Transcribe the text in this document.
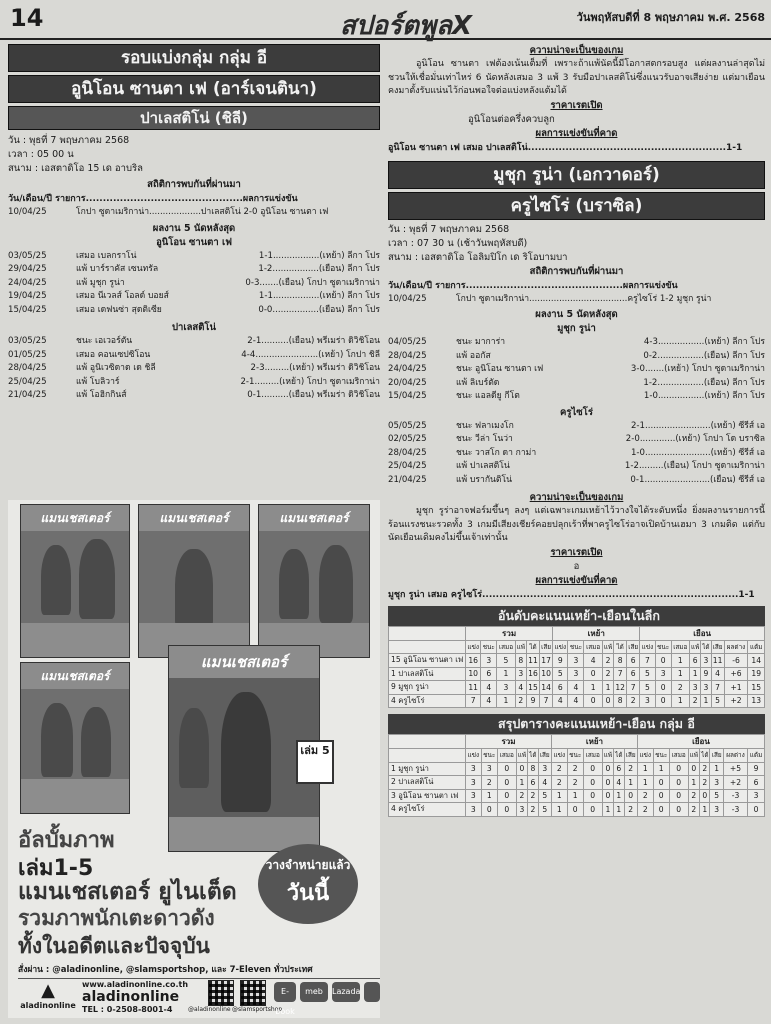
14	สปอร์ตพูลX	วันพฤหัสบดีที่ 8 พฤษภาคม พ.ศ. 2568
รอบแบ่งกลุ่ม กลุ่ม อี
อูนิโอน ซานตา เฟ (อาร์เจนตินา)
ปาเลสติโน่ (ชิลี)
วัน : พุธที่ 7 พฤษภาคม 2568
เวลา : 05 00 น
สนาม : เอสตาดิโอ 15 เด อาบริล
สถิติการพบกันที่ผ่านมา
วัน/เดือน/ปี รายการ..............................................ผลการแข่งขัน
10/04/25	โกปา ซูดาเมริกาน่า...................ปาเลสติโน่ 2-0 อูนิโอน ซานตา เฟ
ผลงาน 5 นัดหลังสุด
อูนิโอน ซานตา เฟ
03/05/25	เสมอ เบลกราโน่	1-1.................(เหย้า) ลีกา โปร
29/04/25	แพ้ บาร์ราคัส เซนทรัล	1-2.................(เยือน) ลีกา โปร
24/04/25	แพ้ มูชุก รูน่า	0-3.......(เยือน) โกปา ซูดาเมริกาน่า
19/04/25	เสมอ นีเวลส์ โอลด์ บอยส์	1-1.................(เหย้า) ลีกา โปร
15/04/25	เสมอ เดฟนซ่า สุดติเซีย	0-0.................(เยือน) ลีกา โปร
ปาเลสติโน่
03/05/25	ชนะ เอเวอร์ตัน	2-1..........(เยือน) พรีเมร่า ดิวิชิโอน
01/05/25	เสมอ คอนเซปซิโอน	4-4.......................(เหย้า) โกปา ชิลี
28/04/25	แพ้ อูนิเวซิดาด เด ชิลี	2-3.........(เหย้า) พรีเมร่า ดิวิชิโอน
25/04/25	แพ้ โบลิวาร์	2-1.........(เหย้า) โกปา ซูดาเมริกาน่า
21/04/25	แพ้ โอฮิกกินส์	0-1..........(เยือน) พรีเมร่า ดิวิชิโอน
แมนเชสเตอร์	แมนเชสเตอร์	แมนเชสเตอร์
แมนเชสเตอร์
แมนเชสเตอร์
เล่ม 5
อัลบั้มภาพ
เล่ม1-5
แมนเชสเตอร์ ยูไนเต็ด
รวมภาพนักเตะดาวดัง
ทั้งในอดีตและปัจจุบัน
วางจำหน่ายแล้ว
วันนี้
สั่งผ่าน : @aladinonline, @slamsportshop, และ 7-Eleven ทั่วประเทศ
▲
aladinonline
www.aladinonline.co.th
aladinonline
TEL : 0-2508-8001-4	@aladinonline @slamsportshop
E-book
meb	Lazada
ความน่าจะเป็นของเกม
อูนิโอน ซานตา เฟต้องเน้นเต็มที่ เพราะถ้าแพ้นัดนี้มีโอกาสตกรอบสูง แต่ผลงานล่าสุดไม่ชวนให้เชื่อมั่นเท่าไหร่ 6 นัดหลังเสมอ 3 แพ้ 3 รับมือปาเลสติโน่ซึ่งแนวรับอาจเสียง่าย แต่มาเยือนคงมาตั้งรับแน่นไว้ก่อนพอใจต่อแบ่งหลังแต้มได้
ราคาเรตเปิด
อูนิโอนต่อครึ่งควบลูก
ผลการแข่งขันที่คาด
อูนิโอน ซานตา เฟ เสมอ ปาเลสติโน่..........................................................1-1
มูชุก รูน่า (เอกวาดอร์)
ครูไซโร่ (บราซิล)
วัน : พุธที่ 7 พฤษภาคม 2568
เวลา : 07 30 น (เช้าวันพฤหัสบดี)
สนาม : เอสตาดิโอ โอลิมปิโก เด ริโอบามบา
สถิติการพบกันที่ผ่านมา
วัน/เดือน/ปี รายการ..............................................ผลการแข่งขัน
10/04/25	โกปา ซูดาเมริกาน่า....................................ครูไซโร่ 1-2 มูชุก รูน่า
ผลงาน 5 นัดหลังสุด
มูชุก รูน่า
04/05/25	ชนะ มาการ่า	4-3.................(เหย้า) ลีกา โปร
28/04/25	แพ้ ออกัส	0-2.................(เยือน) ลีกา โปร
24/04/25	ชนะ อูนิโอน ซานตา เฟ	3-0.......(เหย้า) โกปา ซูดาเมริกาน่า
20/04/25	แพ้ ลิเบร์ตัด	1-2.................(เยือน) ลีกา โปร
15/04/25	ชนะ แอลดียู กีโต	1-0.................(เหย้า) ลีกา โปร
ครูไซโร่
05/05/25	ชนะ ฟลาเมงโก	2-1........................(เหย้า) ซีรีส์ เอ
02/05/25	ชนะ วีล่า โนว่า	2-0.............(เหย้า) โกปา โด บราซิล
28/04/25	ชนะ วาสโก ดา กาม่า	1-0........................(เหย้า) ซีรีส์ เอ
25/04/25	แพ้ ปาเลสติโน่	1-2.........(เยือน) โกปา ซูดาเมริกาน่า
21/04/25	แพ้ บรากันติโน่	0-1........................(เยือน) ซีรีส์ เอ
ความน่าจะเป็นของเกม
มูชุก รูร่าอาจฟอร์มขึ้นๆ ลงๆ แต่เฉพาะเกมเหย้าไว้วางใจได้ระดับหนึ่ง ยิ่งผลงานรายการนี้ร้อนแรงชนะรวดทั้ง 3 เกมมีเสียงเชียร์คอยปลุกเร้าที่พาครูไซโร่อาจเปิดบ้านเฮมา 3 เกมติด แต่กับนัดเยือนเดิมคงไม่ขึ้นเจ้าเท่านั้น
ราคาเรตเปิด
อ
ผลการแข่งขันที่คาด
มูชุก รูน่า เสมอ ครูไซโร่...........................................................................1-1
อันดับคะแนนเหย้า-เยือนในลีก
	รวม						เหย้า						เยือน							
	แข่ง	ชนะ	เสมอ	แพ้	ได้	เสีย	แข่ง	ชนะ	เสมอ	แพ้	ได้	เสีย	แข่ง	ชนะ	เสมอ	แพ้	ได้	เสีย	ผลต่าง	แต้ม
15 อูนิโอน ซานตา เฟ	16	3	5	8	11	17	9	3	4	2	8	6	7	0	1	6	3	11	-6	14
1 ปาเลสติโน่	10	6	1	3	16	10	5	3	0	2	7	6	5	3	1	1	9	4	+6	19
9 มูชุก รูน่า	11	4	3	4	15	14	6	4	1	1	12	7	5	0	2	3	3	7	+1	15
4 ครูไซโร่	7	4	1	2	9	7	4	4	0	0	8	2	3	0	1	2	1	5	+2	13
สรุปตารางคะแนนเหย้า-เยือน กลุ่ม อี
	รวม						เหย้า						เยือน							
	แข่ง	ชนะ	เสมอ	แพ้	ได้	เสีย	แข่ง	ชนะ	เสมอ	แพ้	ได้	เสีย	แข่ง	ชนะ	เสมอ	แพ้	ได้	เสีย	ผลต่าง	แต้ม
1 มูชุก รูน่า	3	3	0	0	8	3	2	2	0	0	6	2	1	1	0	0	2	1	+5	9
2 ปาเลสติโน่	3	2	0	1	6	4	2	2	0	0	4	1	1	0	0	1	2	3	+2	6
3 อูนิโอน ซานตา เฟ	3	1	0	2	2	5	1	1	0	0	1	0	2	0	0	2	0	5	-3	3
4 ครูไซโร่	3	0	0	3	2	5	1	0	0	1	1	2	2	0	0	2	1	3	-3	0
